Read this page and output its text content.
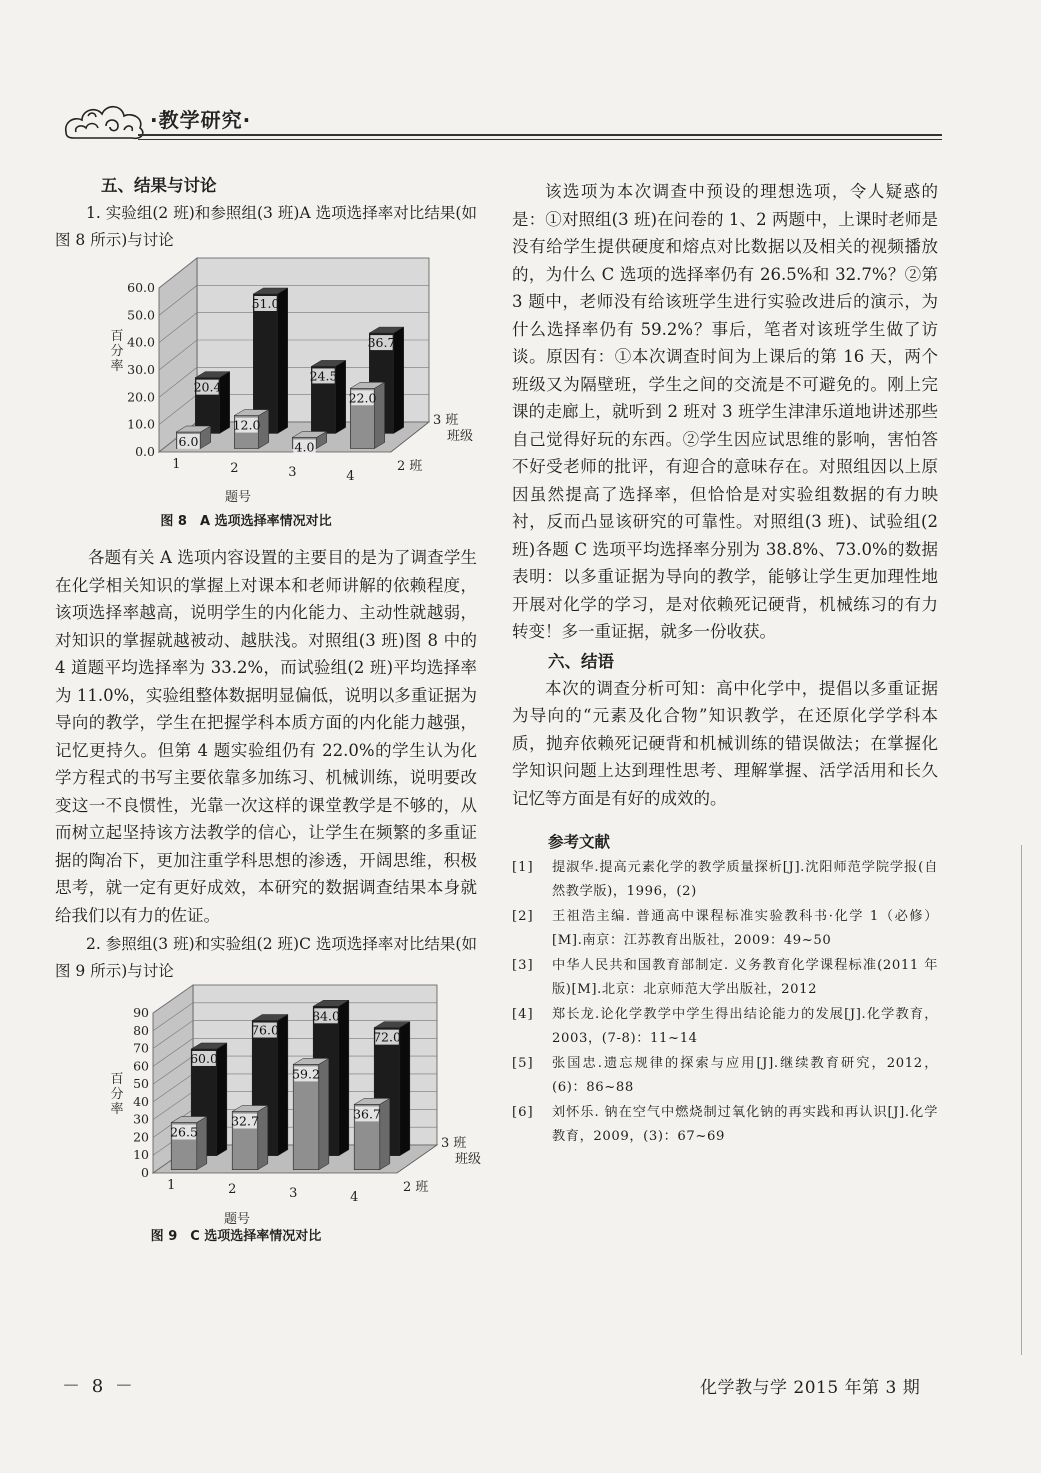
·教学研究·
五、结果与讨论
1. 实验组(2 班)和参照组(3 班)A 选项选择率对比结果(如图 8 所示)与讨论
0.0
10.0
20.0
30.0
40.0
50.0
60.0
百
分
率
20.4
51.0
24.5
36.7
6.0
12.0
4.0
22.0
1	2	3	4
题号
3 班
2 班
班级
图 8　A 选项选择率情况对比
各题有关 A 选项内容设置的主要目的是为了调查学生在化学相关知识的掌握上对课本和老师讲解的依赖程度，该项选择率越高，说明学生的内化能力、主动性就越弱，对知识的掌握就越被动、越肤浅。对照组(3 班)图 8 中的 4 道题平均选择率为 33.2%，而试验组(2 班)平均选择率为 11.0%，实验组整体数据明显偏低，说明以多重证据为导向的教学，学生在把握学科本质方面的内化能力越强，记忆更持久。但第 4 题实验组仍有 22.0%的学生认为化学方程式的书写主要依靠多加练习、机械训练，说明要改变这一不良惯性，光靠一次这样的课堂教学是不够的，从而树立起坚持该方法教学的信心，让学生在频繁的多重证据的陶冶下，更加注重学科思想的渗透，开阔思维，积极思考，就一定有更好成效，本研究的数据调查结果本身就给我们以有力的佐证。
2. 参照组(3 班)和实验组(2 班)C 选项选择率对比结果(如图 9 所示)与讨论
0
10
20
30
40
50
60
70
80
90
百
分
率
60.0
76.0
84.0
72.0
26.5
32.7
59.2
36.7
1	2	3	4
题号
3 班
2 班
班级
图 9　C 选项选择率情况对比
该选项为本次调查中预设的理想选项，令人疑惑的是：①对照组(3 班)在问卷的 1、2 两题中，上课时老师是没有给学生提供硬度和熔点对比数据以及相关的视频播放的，为什么 C 选项的选择率仍有 26.5%和 32.7%？②第 3 题中，老师没有给该班学生进行实验改进后的演示，为什么选择率仍有 59.2%？事后，笔者对该班学生做了访谈。原因有：①本次调查时间为上课后的第 16 天，两个班级又为隔壁班，学生之间的交流是不可避免的。刚上完课的走廊上，就听到 2 班对 3 班学生津津乐道地讲述那些自己觉得好玩的东西。②学生因应试思维的影响，害怕答不好受老师的批评，有迎合的意味存在。对照组因以上原因虽然提高了选择率，但恰恰是对实验组数据的有力映衬，反而凸显该研究的可靠性。对照组(3 班)、试验组(2 班)各题 C 选项平均选择率分别为 38.8%、73.0%的数据表明：以多重证据为导向的教学，能够让学生更加理性地开展对化学的学习，是对依赖死记硬背，机械练习的有力转变！多一重证据，就多一份收获。
六、结语
本次的调查分析可知：高中化学中，提倡以多重证据为导向的“元素及化合物”知识教学，在还原化学学科本质，抛弃依赖死记硬背和机械训练的错误做法；在掌握化学知识问题上达到理性思考、理解掌握、活学活用和长久记忆等方面是有好的成效的。
参考文献
[1]	提淑华.提高元素化学的教学质量探析[J].沈阳师范学院学报(自然教学版)，1996，(2)
[2]	王祖浩主编. 普通高中课程标准实验教科书·化学 1（必修）[M].南京：江苏教育出版社，2009：49~50
[3]	中华人民共和国教育部制定. 义务教育化学课程标准(2011 年版)[M].北京：北京师范大学出版社，2012
[4]	郑长龙.论化学教学中学生得出结论能力的发展[J].化学教育，2003，(7-8)：11~14
[5]	张国忠.遗忘规律的探索与应用[J].继续教育研究，2012，(6)：86~88
[6]	刘怀乐. 钠在空气中燃烧制过氧化钠的再实践和再认识[J].化学教育，2009，(3)：67~69
－ 8 －	化学教与学 2015 年第 3 期
